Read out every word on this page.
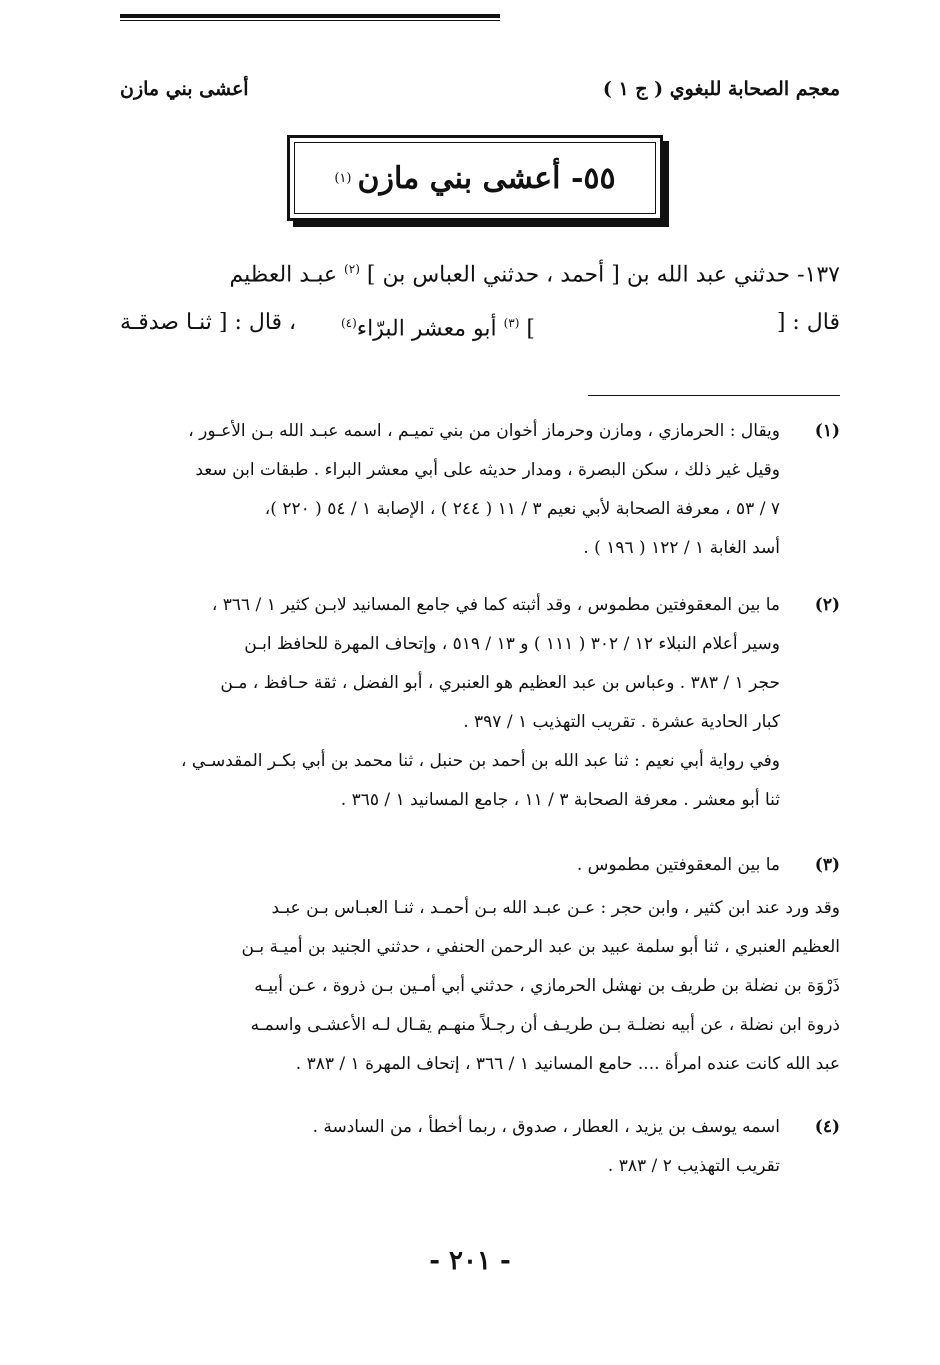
معجم الصحابة للبغوي ( ج ١ )
أعشى بني مازن
٥٥- أعشى بني مازن
(١)
١٣٧- حدثني عبد الله بن [ أحمد ، حدثني العباس بن ] $^{(٢)}$ عبـد العظيم
، قال : [ ثنـا صدقـة	] $^{(٣)}$ أبو معشر البرّاء$^{(٤)}$	قال : [
(١)

ويقال : الحرمازي ، ومازن وحرماز أخوان من بني تميـم ، اسمه عبـد الله بـن الأعـور ،

وقيل غير ذلك ، سكن البصرة ، ومدار حديثه على أبي معشر البراء . طبقات ابن سعد

٧ / ٥٣ ، معرفة الصحابة لأبي نعيم ٣ / ١١ ( ٢٤٤ ) ، الإصابة ١ / ٥٤ ( ٢٢٠ )،

أسد الغابة ١ / ١٢٢ ( ١٩٦ ) .

(٢)

ما بين المعقوفتين مطموس ، وقد أثبته كما في جامع المسانيد لابـن كثير ١ / ٣٦٦ ،

وسير أعلام النبلاء ١٢ / ٣٠٢ ( ١١١ ) و ١٣ / ٥١٩ ، وإتحاف المهرة للحافظ ابـن

حجر ١ / ٣٨٣ . وعباس بن عبد العظيم هو العنبري ، أبو الفضل ، ثقة حـافظ ، مـن

كبار الحادية عشرة . تقريب التهذيب ١ / ٣٩٧ .

وفي رواية أبي نعيم : ثنا عبد الله بن أحمد بن حنبل ، ثنا محمد بن أبي بكـر المقدسـي ،

ثنا أبو معشر . معرفة الصحابة ٣ / ١١ ، جامع المسانيد ١ / ٣٦٥ .

(٣)

ما بين المعقوفتين مطموس .

وقد ورد عند ابن كثير ، وابن حجر : عـن عبـد الله بـن أحمـد ، ثنـا العبـاس بـن عبـد

العظيم العنبري ، ثنا أبو سلمة عبيد بن عبد الرحمن الحنفي ، حدثني الجنيد بن أميـة بـن

ذَرْوَة بن نضلة بن طريف بن نهشل الحرمازي ، حدثني أبي أمـين بـن ذروة ، عـن أبيـه

ذروة ابن نضلة ، عن أبيه نضلـة بـن طريـف أن رجـلاً منهـم يقـال لـه الأعشـى واسمـه

عبد الله كانت عنده امرأة .... حامع المسانيد ١ / ٣٦٦ ، إتحاف المهرة ١ / ٣٨٣ .

(٤)

اسمه يوسف بن يزيد ، العطار ، صدوق ، ربما أخطأ ، من السادسة .

تقريب التهذيب ٢ / ٣٨٣ .

- ٢٠١ -
